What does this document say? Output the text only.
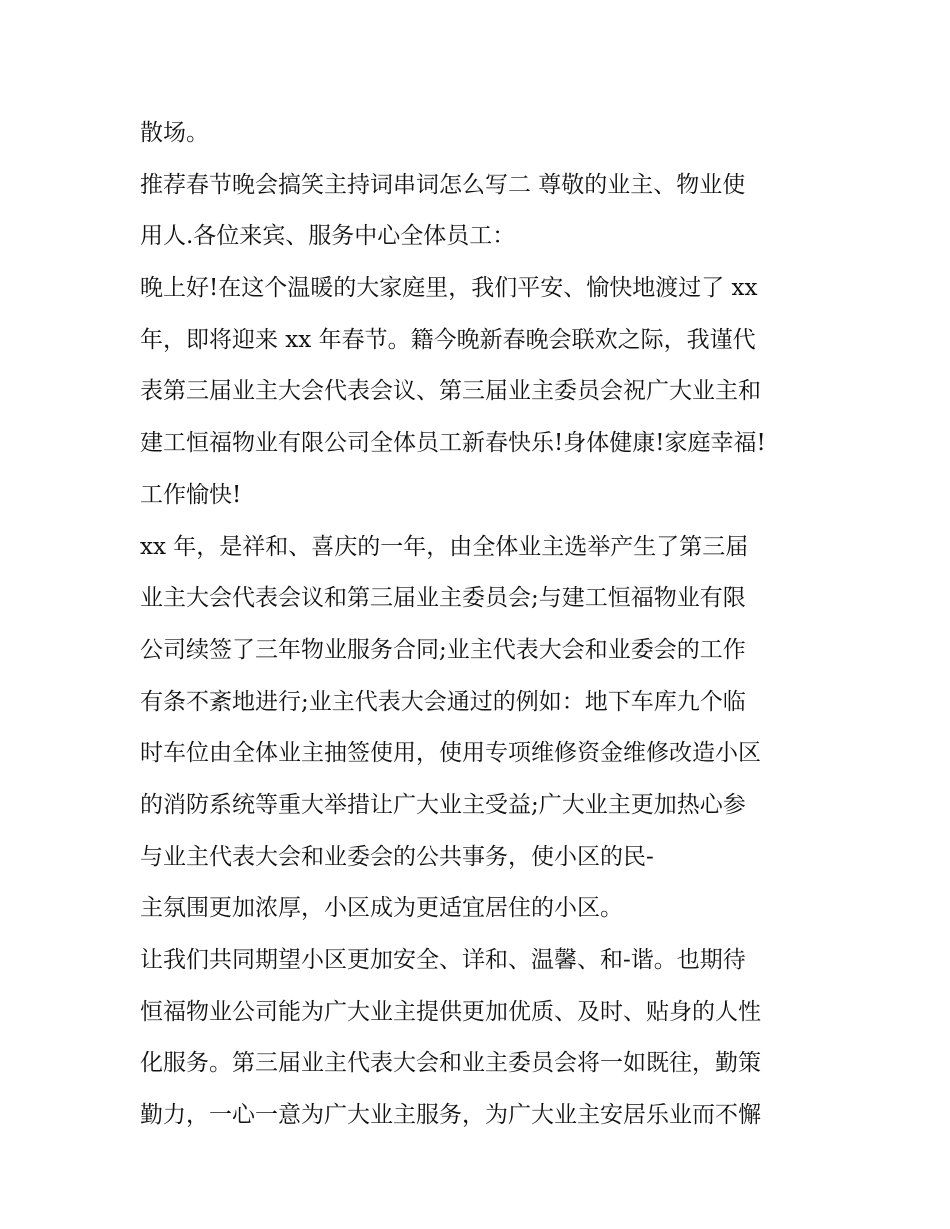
散场。
推荐春节晚会搞笑主持词串词怎么写二 尊敬的业主、物业使
用人.各位来宾、服务中心全体员工：
晚上好!在这个温暖的大家庭里，我们平安、愉快地渡过了 xx
年，即将迎来 xx 年春节。籍今晚新春晚会联欢之际，我谨代
表第三届业主大会代表会议、第三届业主委员会祝广大业主和
建工恒福物业有限公司全体员工新春快乐!身体健康!家庭幸福!
工作愉快!
xx 年，是祥和、喜庆的一年，由全体业主选举产生了第三届
业主大会代表会议和第三届业主委员会;与建工恒福物业有限
公司续签了三年物业服务合同;业主代表大会和业委会的工作
有条不紊地进行;业主代表大会通过的例如：地下车库九个临
时车位由全体业主抽签使用，使用专项维修资金维修改造小区
的消防系统等重大举措让广大业主受益;广大业主更加热心参
与业主代表大会和业委会的公共事务，使小区的民-
主氛围更加浓厚，小区成为更适宜居住的小区。
让我们共同期望小区更加安全、详和、温馨、和-谐。也期待
恒福物业公司能为广大业主提供更加优质、及时、贴身的人性
化服务。第三届业主代表大会和业主委员会将一如既往，勤策
勤力，一心一意为广大业主服务，为广大业主安居乐业而不懈
